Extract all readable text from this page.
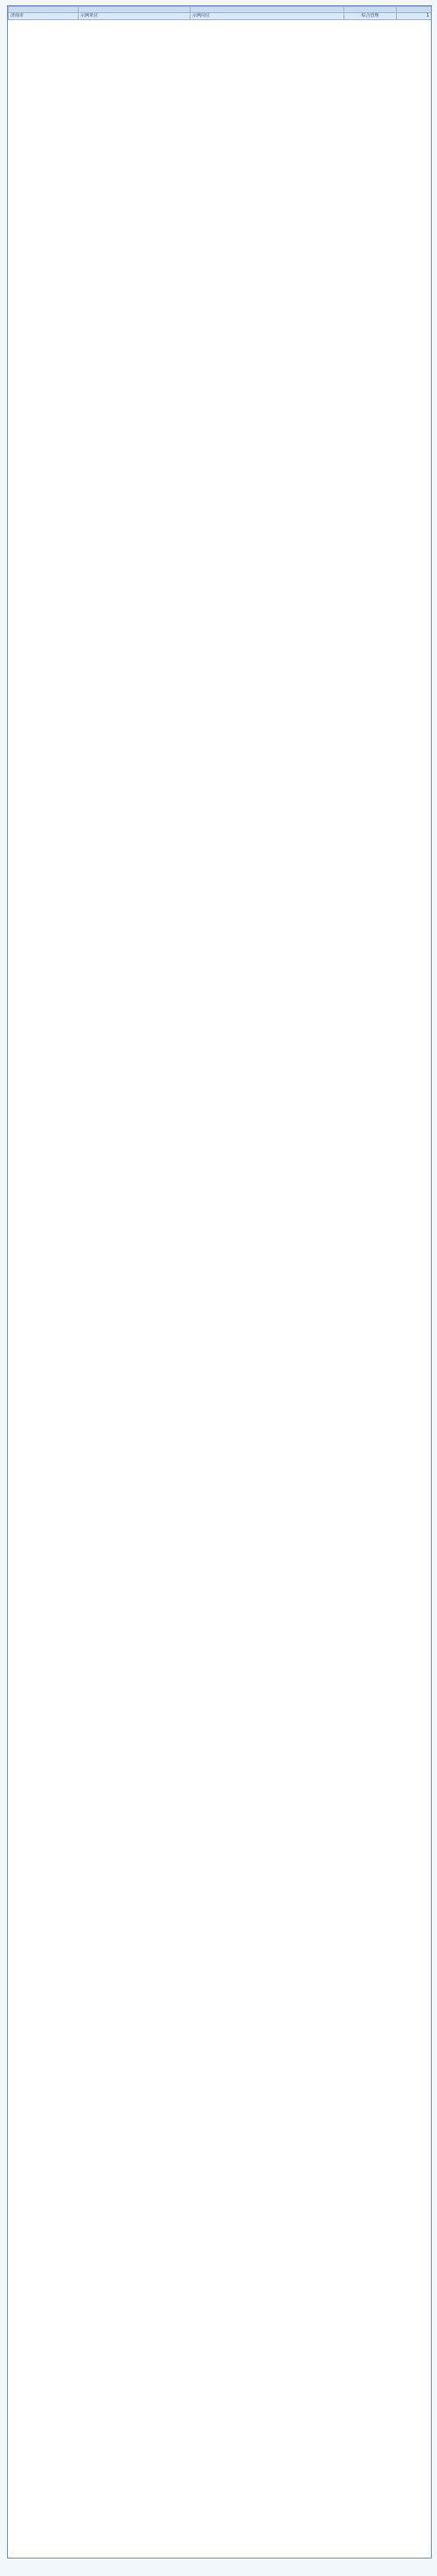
济南市	示例单位	示例岗位	综合管理	1
